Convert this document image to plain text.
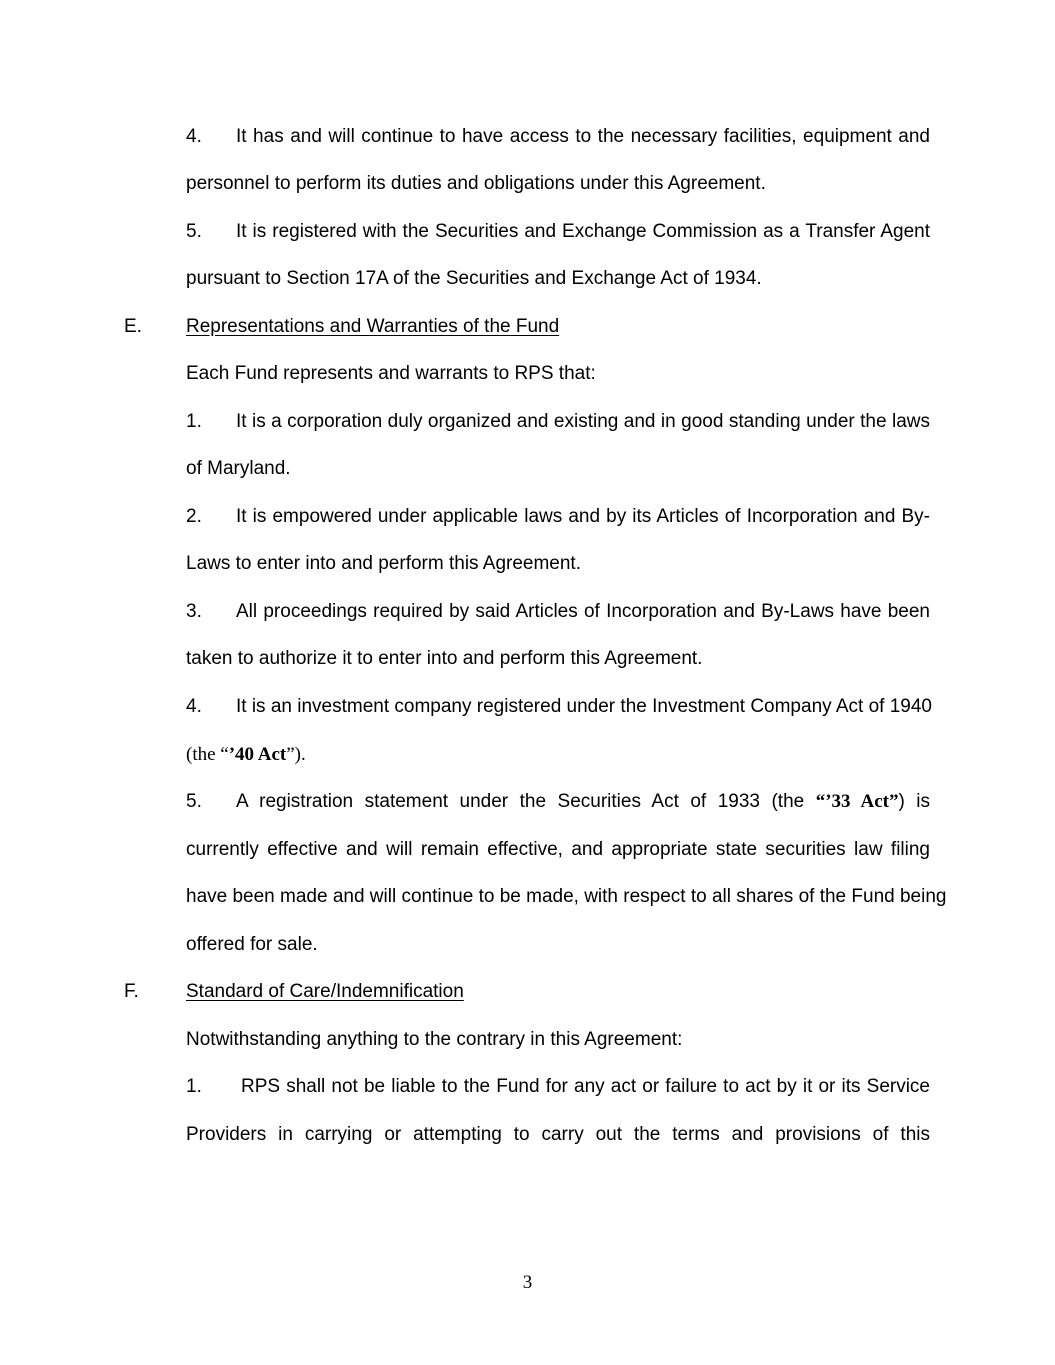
4. It has and will continue to have access to the necessary facilities, equipment and
personnel to perform its duties and obligations under this Agreement.
5. It is registered with the Securities and Exchange Commission as a Transfer Agent
pursuant to Section 17A of the Securities and Exchange Act of 1934.
E. Representations and Warranties of the Fund
Each Fund represents and warrants to RPS that:
1. It is a corporation duly organized and existing and in good standing under the laws
of Maryland.
2. It is empowered under applicable laws and by its Articles of Incorporation and By-
Laws to enter into and perform this Agreement.
3. All proceedings required by said Articles of Incorporation and By-Laws have been
taken to authorize it to enter into and perform this Agreement.
4. It is an investment company registered under the Investment Company Act of 1940
(the “’40 Act”).
5. A registration statement under the Securities Act of 1933 (the “’33 Act”) is
currently effective and will remain effective, and appropriate state securities law filing
have been made and will continue to be made, with respect to all shares of the Fund being
offered for sale.
F. Standard of Care/Indemnification
Notwithstanding anything to the contrary in this Agreement:
1. RPS shall not be liable to the Fund for any act or failure to act by it or its Service
Providers in carrying or attempting to carry out the terms and provisions of this
3
